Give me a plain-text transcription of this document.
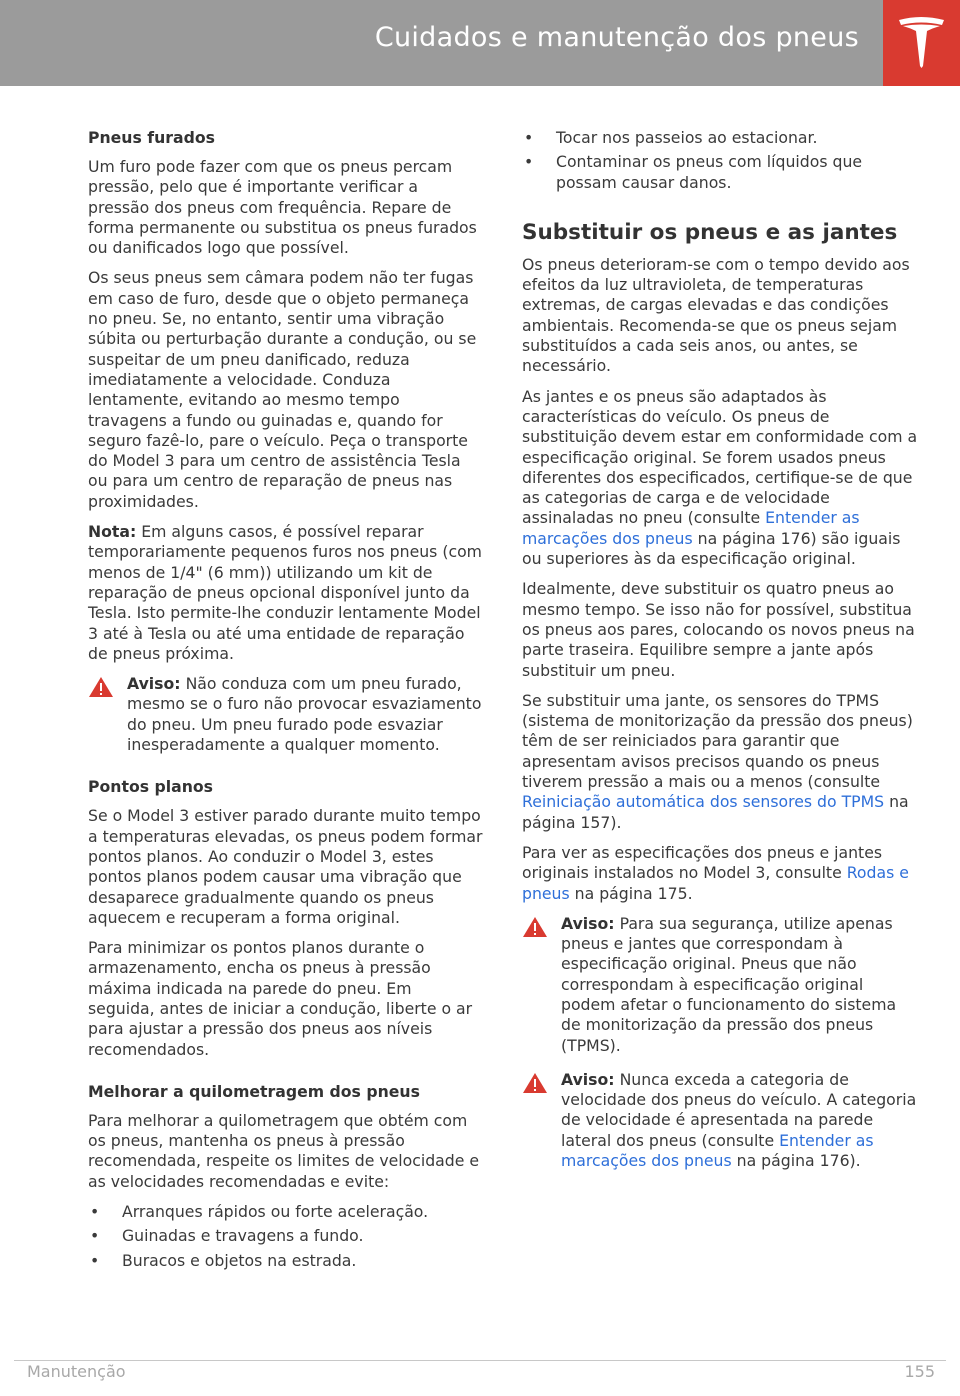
Cuidados e manutenção dos pneus
Pneus furados

Um furo pode fazer com que os pneus percam pressão, pelo que é importante verificar a pressão dos pneus com frequência. Repare de forma permanente ou substitua os pneus furados ou danificados logo que possível.

Os seus pneus sem câmara podem não ter fugas em caso de furo, desde que o objeto permaneça no pneu. Se, no entanto, sentir uma vibração súbita ou perturbação durante a condução, ou se suspeitar de um pneu danificado, reduza imediatamente a velocidade. Conduza lentamente, evitando ao mesmo tempo travagens a fundo ou guinadas e, quando for seguro fazê-lo, pare o veículo. Peça o transporte do Model 3 para um centro de assistência Tesla ou para um centro de reparação de pneus nas proximidades.

Nota: Em alguns casos, é possível reparar temporariamente pequenos furos nos pneus (com menos de 1/4" (6 mm)) utilizando um kit de reparação de pneus opcional disponível junto da Tesla. Isto permite-lhe conduzir lentamente Model 3 até à Tesla ou até uma entidade de reparação de pneus próxima.

Aviso: Não conduza com um pneu furado, mesmo se o furo não provocar esvaziamento do pneu. Um pneu furado pode esvaziar inesperadamente a qualquer momento.

Pontos planos

Se o Model 3 estiver parado durante muito tempo a temperaturas elevadas, os pneus podem formar pontos planos. Ao conduzir o Model 3, estes pontos planos podem causar uma vibração que desaparece gradualmente quando os pneus aquecem e recuperam a forma original.

Para minimizar os pontos planos durante o armazenamento, encha os pneus à pressão máxima indicada na parede do pneu. Em seguida, antes de iniciar a condução, liberte o ar para ajustar a pressão dos pneus aos níveis recomendados.

Melhorar a quilometragem dos pneus

Para melhorar a quilometragem que obtém com os pneus, mantenha os pneus à pressão recomendada, respeite os limites de velocidade e as velocidades recomendadas e evite:

• Arranques rápidos ou forte aceleração.
• Guinadas e travagens a fundo.
• Buracos e objetos na estrada.
• Tocar nos passeios ao estacionar.
• Contaminar os pneus com líquidos que possam causar danos.
Substituir os pneus e as jantes

Os pneus deterioram-se com o tempo devido aos efeitos da luz ultravioleta, de temperaturas extremas, de cargas elevadas e das condições ambientais. Recomenda-se que os pneus sejam substituídos a cada seis anos, ou antes, se necessário.

As jantes e os pneus são adaptados às características do veículo. Os pneus de substituição devem estar em conformidade com a especificação original. Se forem usados pneus diferentes dos especificados, certifique-se de que as categorias de carga e de velocidade assinaladas no pneu (consulte Entender as marcações dos pneus na página 176) são iguais ou superiores às da especificação original.

Idealmente, deve substituir os quatro pneus ao mesmo tempo. Se isso não for possível, substitua os pneus aos pares, colocando os novos pneus na parte traseira. Equilibre sempre a jante após substituir um pneu.

Se substituir uma jante, os sensores do TPMS (sistema de monitorização da pressão dos pneus) têm de ser reiniciados para garantir que apresentam avisos precisos quando os pneus tiverem pressão a mais ou a menos (consulte Reiniciação automática dos sensores do TPMS na página 157).

Para ver as especificações dos pneus e jantes originais instalados no Model 3, consulte Rodas e pneus na página 175.

Aviso: Para sua segurança, utilize apenas pneus e jantes que correspondam à especificação original. Pneus que não correspondam à especificação original podem afetar o funcionamento do sistema de monitorização da pressão dos pneus (TPMS).

Aviso: Nunca exceda a categoria de velocidade dos pneus do veículo. A categoria de velocidade é apresentada na parede lateral dos pneus (consulte Entender as marcações dos pneus na página 176).

Manutenção	155
